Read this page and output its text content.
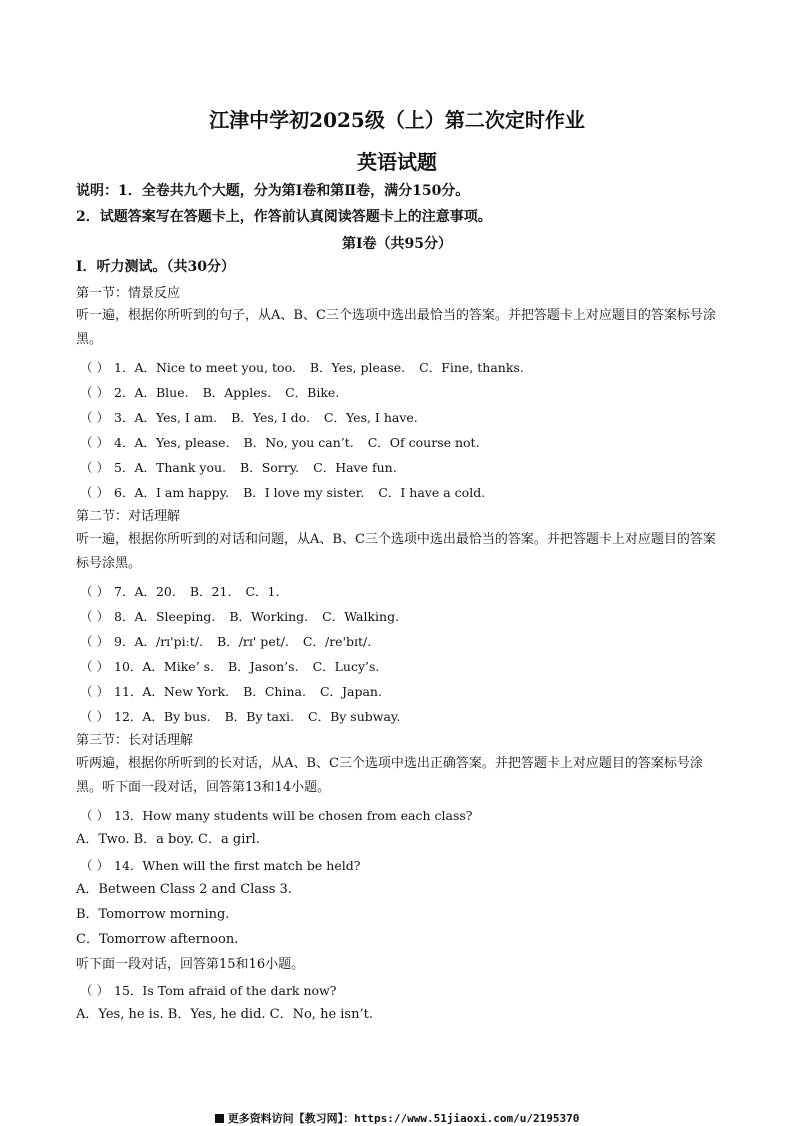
江津中学初2025级（上）第二次定时作业
英语试题
说明：1．全卷共九个大题，分为第Ⅰ卷和第Ⅱ卷，满分150分。
2．试题答案写在答题卡上，作答前认真阅读答题卡上的注意事项。
第Ⅰ卷（共95分）
Ⅰ．听力测试。（共30分）
第一节：情景反应
听一遍，根据你所听到的句子，从A、B、C三个选项中选出最恰当的答案。并把答题卡上对应题目的答案标号涂黑。
（ ） 1．A．Nice to meet you, too. B．Yes, please. C．Fine, thanks.
（ ） 2．A．Blue. B．Apples. C．Bike.
（ ） 3．A．Yes, I am. B．Yes, I do. C．Yes, I have.
（ ） 4．A．Yes, please. B．No, you can’t. C．Of course not.
（ ） 5．A．Thank you. B．Sorry. C．Have fun.
（ ） 6．A．I am happy. B．I love my sister. C．I have a cold.
第二节：对话理解
听一遍，根据你所听到的对话和问题，从A、B、C三个选项中选出最恰当的答案。并把答题卡上对应题目的答案标号涂黑。
（ ） 7．A．20. B．21. C．1.
（ ） 8．A．Sleeping. B．Working. C．Walking.
（ ） 9．A．/rɪ'piːt/. B．/rɪ' pet/. C．/re'bɪt/.
（ ） 10．A．Mike’ s. B．Jason’s. C．Lucy’s.
（ ） 11．A．New York. B．China. C．Japan.
（ ） 12．A．By bus. B．By taxi. C．By subway.
第三节：长对话理解
听两遍，根据你所听到的长对话，从A、B、C三个选项中选出正确答案。并把答题卡上对应题目的答案标号涂黑。听下面一段对话，回答第13和14小题。
（ ） 13．How many students will be chosen from each class?
A．Two. B．a boy. C．a girl.
（ ） 14．When will the first match be held?
A．Between Class 2 and Class 3.
B．Tomorrow morning.
C．Tomorrow afternoon.
听下面一段对话，回答第15和16小题。
（ ） 15．Is Tom afraid of the dark now?
A．Yes, he is. B．Yes, he did. C．No, he isn’t.
更多资料访问【教习网】：https://www.51jiaoxi.com/u/2195370
